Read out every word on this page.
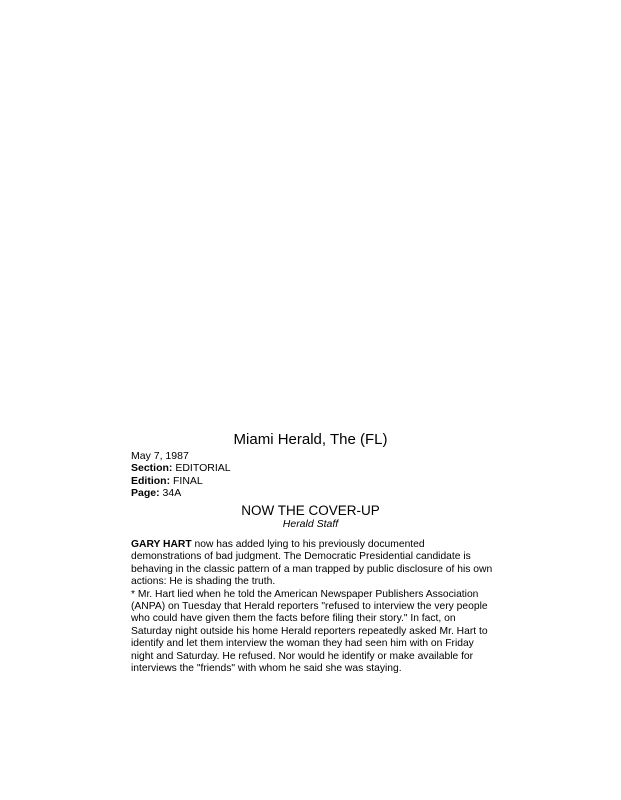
Miami Herald, The (FL)
May 7, 1987
Section: EDITORIAL
Edition: FINAL
Page: 34A
NOW THE COVER-UP
Herald Staff

GARY HART now has added lying to his previously documented demonstrations of bad judgment. The Democratic Presidential candidate is behaving in the classic pattern of a man trapped by public disclosure of his own actions: He is shading the truth.

* Mr. Hart lied when he told the American Newspaper Publishers Association (ANPA) on Tuesday that Herald reporters "refused to interview the very people who could have given them the facts before filing their story." In fact, on Saturday night outside his home Herald reporters repeatedly asked Mr. Hart to identify and let them interview the woman they had seen him with on Friday night and Saturday. He refused. Nor would he identify or make available for interviews the "friends" with whom he said she was staying.
